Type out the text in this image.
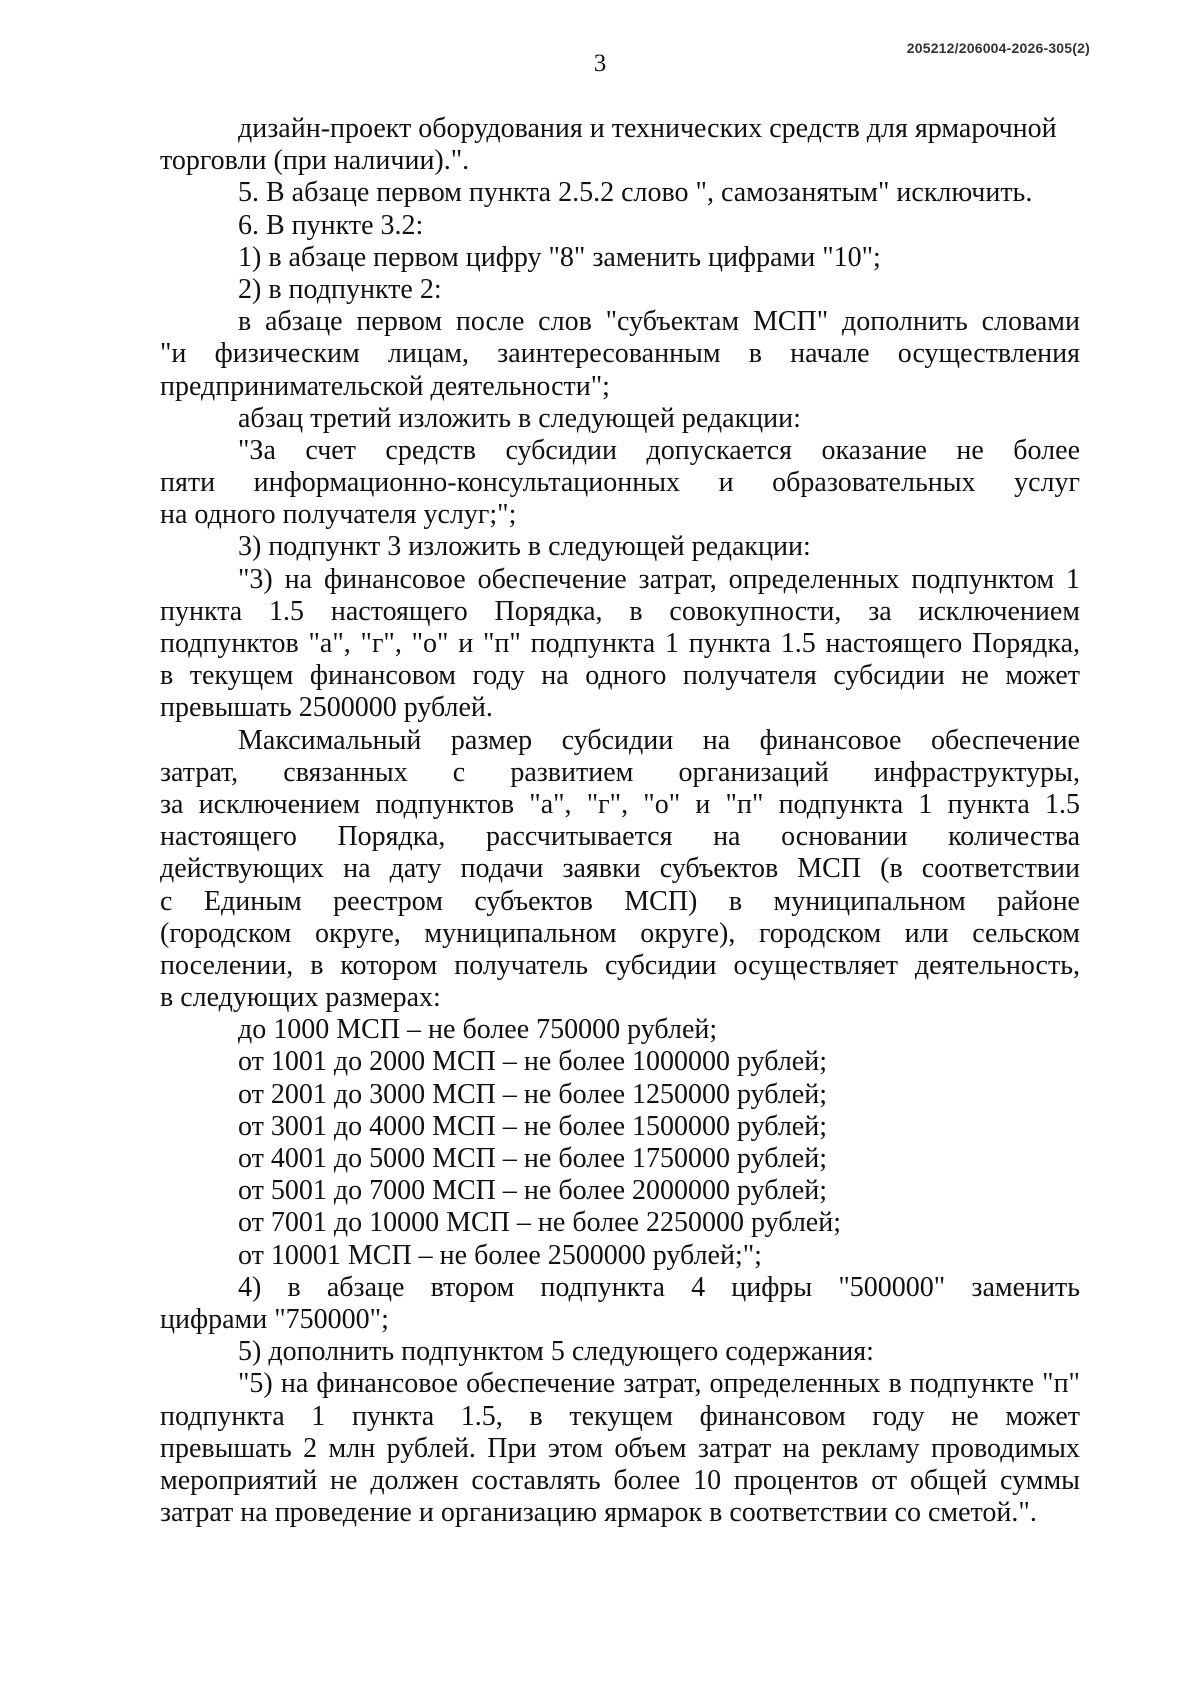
3
205212/206004-2026-305(2)
дизайн-проект оборудования и технических средств для ярмарочной
торговли (при наличии).".
5. В абзаце первом пункта 2.5.2 слово ", самозанятым" исключить.
6. В пункте 3.2:
1) в абзаце первом цифру "8" заменить цифрами "10";
2) в подпункте 2:
в абзаце первом после слов "субъектам МСП" дополнить словами
"и физическим лицам, заинтересованным в начале осуществления
предпринимательской деятельности";
абзац третий изложить в следующей редакции:
"За счет средств субсидии допускается оказание не более
пяти информационно-консультационных и образовательных услуг
на одного получателя услуг;";
3) подпункт 3 изложить в следующей редакции:
"3) на финансовое обеспечение затрат, определенных подпунктом 1
пункта 1.5 настоящего Порядка, в совокупности, за исключением
подпунктов "а", "г", "о" и "п" подпункта 1 пункта 1.5 настоящего Порядка,
в текущем финансовом году на одного получателя субсидии не может
превышать 2500000 рублей.
Максимальный размер субсидии на финансовое обеспечение
затрат, связанных с развитием организаций инфраструктуры,
за исключением подпунктов "а", "г", "о" и "п" подпункта 1 пункта 1.5
настоящего Порядка, рассчитывается на основании количества
действующих на дату подачи заявки субъектов МСП (в соответствии
с Единым реестром субъектов МСП) в муниципальном районе
(городском округе, муниципальном округе), городском или сельском
поселении, в котором получатель субсидии осуществляет деятельность,
в следующих размерах:
до 1000 МСП – не более 750000 рублей;
от 1001 до 2000 МСП – не более 1000000 рублей;
от 2001 до 3000 МСП – не более 1250000 рублей;
от 3001 до 4000 МСП – не более 1500000 рублей;
от 4001 до 5000 МСП – не более 1750000 рублей;
от 5001 до 7000 МСП – не более 2000000 рублей;
от 7001 до 10000 МСП – не более 2250000 рублей;
от 10001 МСП – не более 2500000 рублей;";
4) в абзаце втором подпункта 4 цифры "500000" заменить
цифрами "750000";
5) дополнить подпунктом 5 следующего содержания:
"5) на финансовое обеспечение затрат, определенных в подпункте "п"
подпункта 1 пункта 1.5, в текущем финансовом году не может
превышать 2 млн рублей. При этом объем затрат на рекламу проводимых
мероприятий не должен составлять более 10 процентов от общей суммы
затрат на проведение и организацию ярмарок в соответствии со сметой.".
